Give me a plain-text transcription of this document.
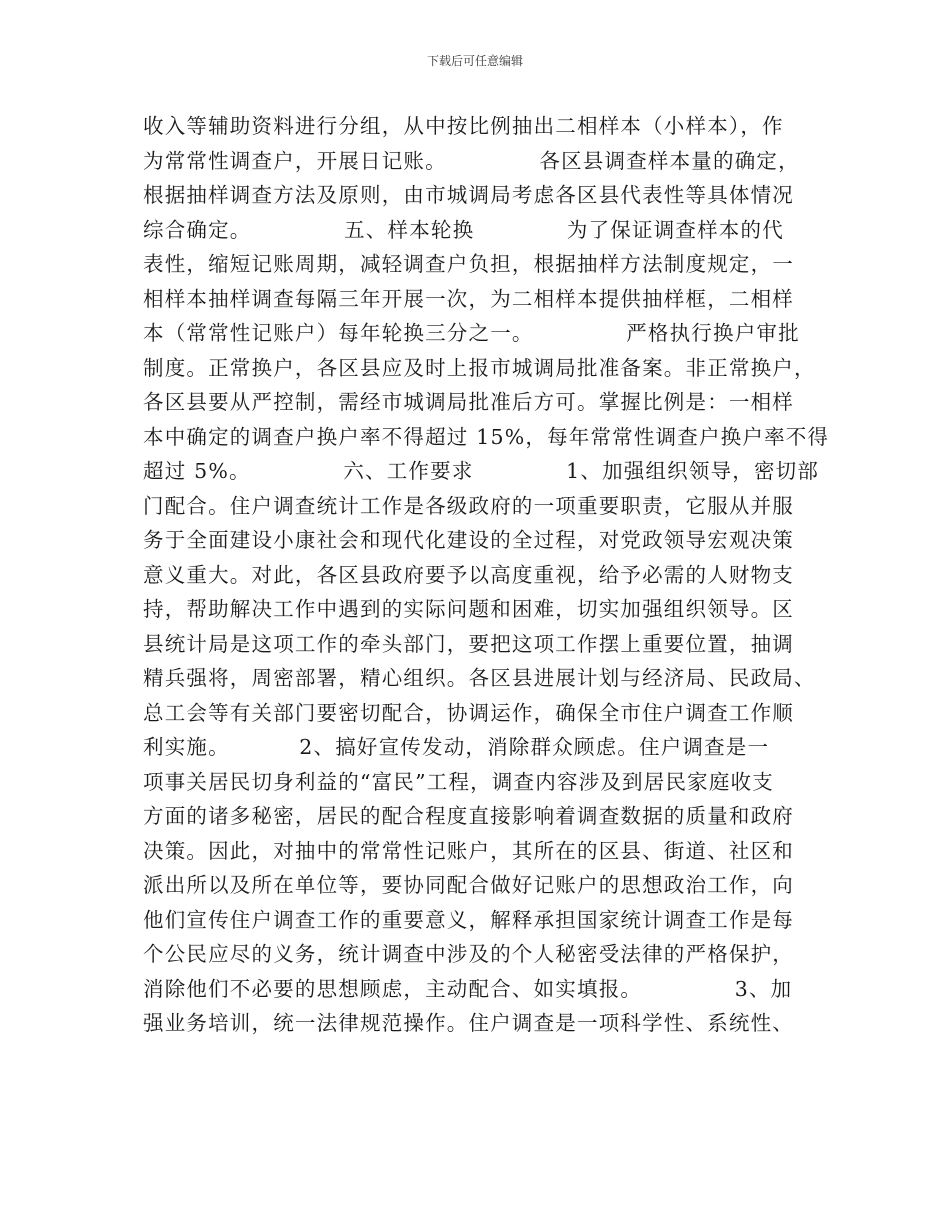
下载后可任意编辑
收入等辅助资料进行分组，从中按比例抽出二相样本（小样本），作
为常常性调查户，开展日记账。            各区县调查样本量的确定，
根据抽样调查方法及原则，由市城调局考虑各区县代表性等具体情况
综合确定。            五、样本轮换            为了保证调查样本的代
表性，缩短记账周期，减轻调查户负担，根据抽样方法制度规定，一
相样本抽样调查每隔三年开展一次，为二相样本提供抽样框，二相样
本（常常性记账户）每年轮换三分之一。            严格执行换户审批
制度。正常换户，各区县应及时上报市城调局批准备案。非正常换户，
各区县要从严控制，需经市城调局批准后方可。掌握比例是：一相样
本中确定的调查户换户率不得超过 15%，每年常常性调查户换户率不得
超过 5%。            六、工作要求            1、加强组织领导，密切部
门配合。住户调查统计工作是各级政府的一项重要职责，它服从并服
务于全面建设小康社会和现代化建设的全过程，对党政领导宏观决策
意义重大。对此，各区县政府要予以高度重视，给予必需的人财物支
持，帮助解决工作中遇到的实际问题和困难，切实加强组织领导。区
县统计局是这项工作的牵头部门，要把这项工作摆上重要位置，抽调
精兵强将，周密部署，精心组织。各区县进展计划与经济局、民政局、
总工会等有关部门要密切配合，协调运作，确保全市住户调查工作顺
利实施。         2、搞好宣传发动，消除群众顾虑。住户调查是一
项事关居民切身利益的“富民”工程，调查内容涉及到居民家庭收支
方面的诸多秘密，居民的配合程度直接影响着调查数据的质量和政府
决策。因此，对抽中的常常性记账户，其所在的区县、街道、社区和
派出所以及所在单位等，要协同配合做好记账户的思想政治工作，向
他们宣传住户调查工作的重要意义，解释承担国家统计调查工作是每
个公民应尽的义务，统计调查中涉及的个人秘密受法律的严格保护，
消除他们不必要的思想顾虑，主动配合、如实填报。            3、加
强业务培训，统一法律规范操作。住户调查是一项科学性、系统性、
